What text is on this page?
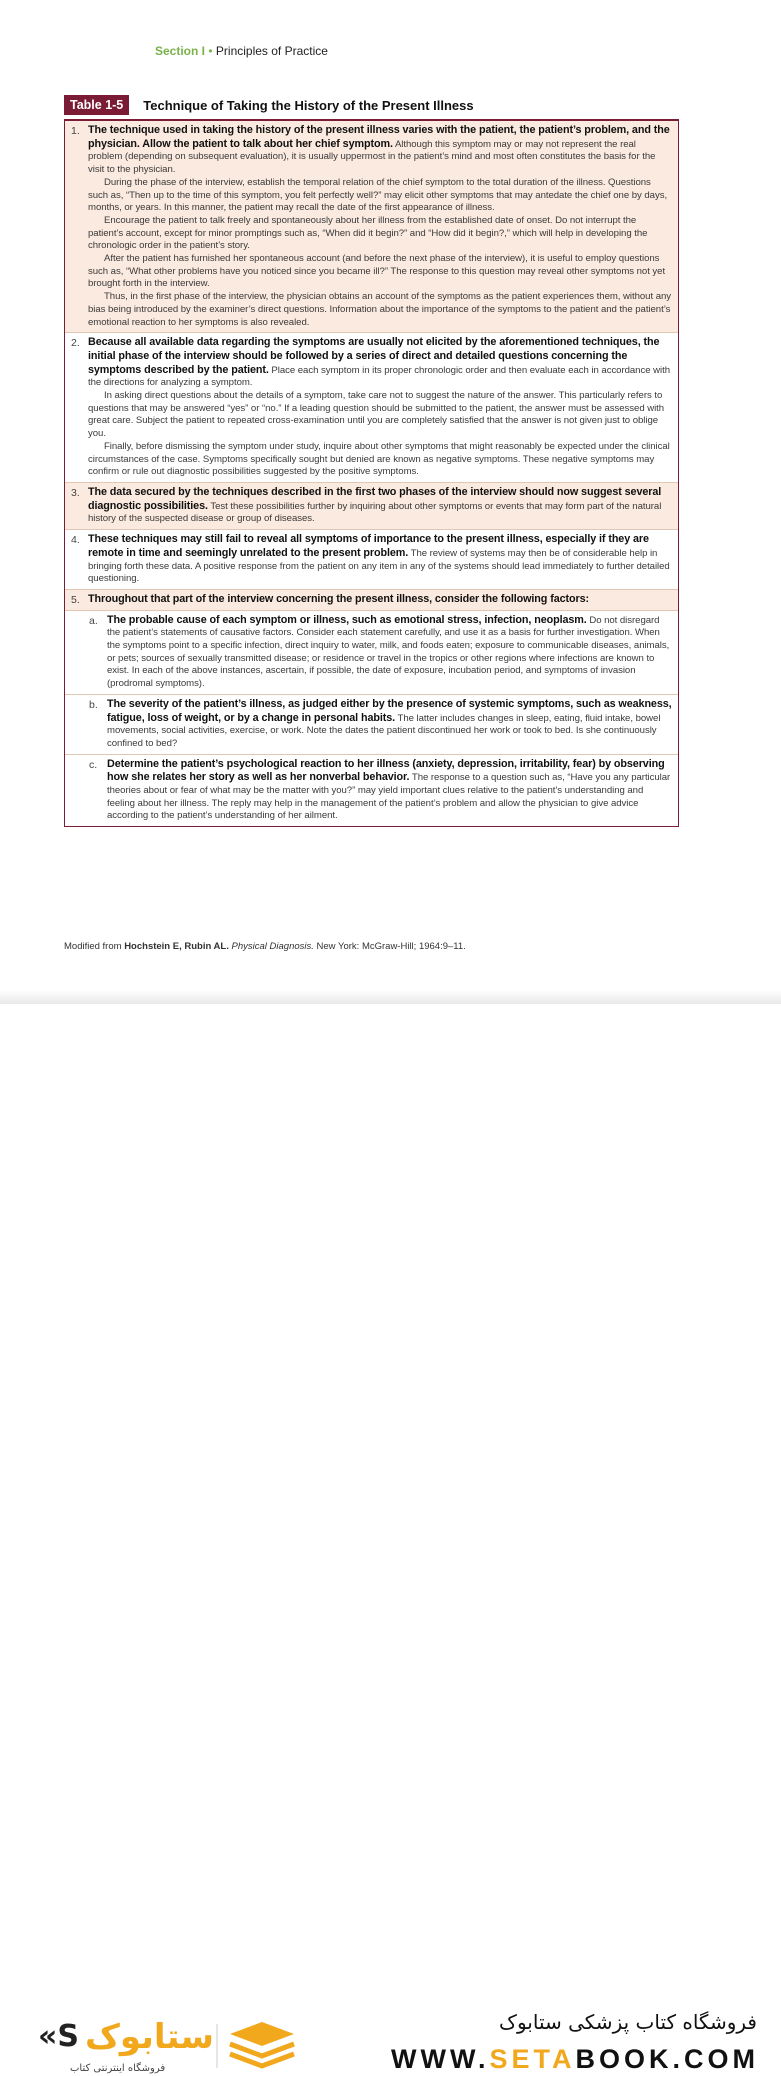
Section I • Principles of Practice
Table 1-5	Technique of Taking the History of the Present Illness
1. The technique used in taking the history of the present illness varies with the patient, the patient’s problem, and the physician. Allow the patient to talk about her chief symptom. Although this symptom may or may not represent the real problem (depending on subsequent evaluation), it is usually uppermost in the patient’s mind and most often constitutes the basis for the visit to the physician.

During the phase of the interview, establish the temporal relation of the chief symptom to the total duration of the illness. Questions such as, “Then up to the time of this symptom, you felt perfectly well?” may elicit other symptoms that may antedate the chief one by days, months, or years. In this manner, the patient may recall the date of the first appearance of illness.

Encourage the patient to talk freely and spontaneously about her illness from the established date of onset. Do not interrupt the patient’s account, except for minor promptings such as, “When did it begin?” and “How did it begin?,” which will help in developing the chronologic order in the patient’s story.

After the patient has furnished her spontaneous account (and before the next phase of the interview), it is useful to employ questions such as, “What other problems have you noticed since you became ill?” The response to this question may reveal other symptoms not yet brought forth in the interview.

Thus, in the first phase of the interview, the physician obtains an account of the symptoms as the patient experiences them, without any bias being introduced by the examiner’s direct questions. Information about the importance of the symptoms to the patient and the patient’s emotional reaction to her symptoms is also revealed.

2. Because all available data regarding the symptoms are usually not elicited by the aforementioned techniques, the initial phase of the interview should be followed by a series of direct and detailed questions concerning the symptoms described by the patient. Place each symptom in its proper chronologic order and then evaluate each in accordance with the directions for analyzing a symptom.

In asking direct questions about the details of a symptom, take care not to suggest the nature of the answer. This particularly refers to questions that may be answered “yes” or “no.” If a leading question should be submitted to the patient, the answer must be assessed with great care. Subject the patient to repeated cross-examination until you are completely satisfied that the answer is not given just to oblige you.

Finally, before dismissing the symptom under study, inquire about other symptoms that might reasonably be expected under the clinical circumstances of the case. Symptoms specifically sought but denied are known as negative symptoms. These negative symptoms may confirm or rule out diagnostic possibilities suggested by the positive symptoms.

3. The data secured by the techniques described in the first two phases of the interview should now suggest several diagnostic possibilities. Test these possibilities further by inquiring about other symptoms or events that may form part of the natural history of the suspected disease or group of diseases.

4. These techniques may still fail to reveal all symptoms of importance to the present illness, especially if they are remote in time and seemingly unrelated to the present problem. The review of systems may then be of considerable help in bringing forth these data. A positive response from the patient on any item in any of the systems should lead immediately to further detailed questioning.

5. Throughout that part of the interview concerning the present illness, consider the following factors:

a. The probable cause of each symptom or illness, such as emotional stress, infection, neoplasm. Do not disregard the patient’s statements of causative factors. Consider each statement carefully, and use it as a basis for further investigation. When the symptoms point to a specific infection, direct inquiry to water, milk, and foods eaten; exposure to communicable diseases, animals, or pets; sources of sexually transmitted disease; or residence or travel in the tropics or other regions where infections are known to exist. In each of the above instances, ascertain, if possible, the date of exposure, incubation period, and symptoms of invasion (prodromal symptoms).

b. The severity of the patient’s illness, as judged either by the presence of systemic symptoms, such as weakness, fatigue, loss of weight, or by a change in personal habits. The latter includes changes in sleep, eating, fluid intake, bowel movements, social activities, exercise, or work. Note the dates the patient discontinued her work or took to bed. Is she continuously confined to bed?

c. Determine the patient’s psychological reaction to her illness (anxiety, depression, irritability, fear) by observing how she relates her story as well as her nonverbal behavior. The response to a question such as, “Have you any particular theories about or fear of what may be the matter with you?” may yield important clues relative to the patient’s understanding and feeling about her illness. The reply may help in the management of the patient’s problem and allow the physician to give advice according to the patient’s understanding of her ailment.

Modified from Hochstein E, Rubin AL. Physical Diagnosis. New York: McGraw-Hill; 1964:9–11.
«S ستابوک
فروشگاه اینترنتی کتاب
فروشگاه کتاب پزشکی ستابوک
WWW.SETABOOK.COM
